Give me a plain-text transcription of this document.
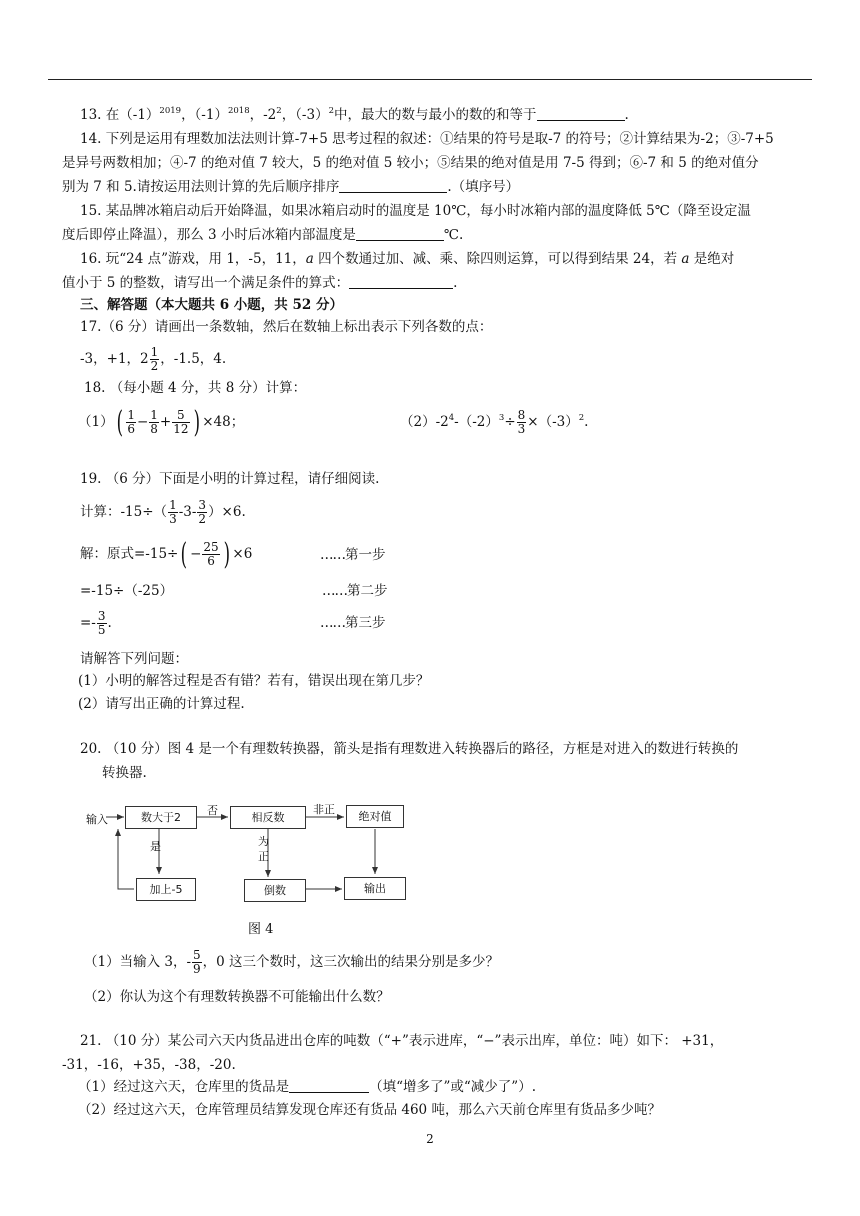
13. 在$(-1)^{2019}$，$(-1)^{2018}$，$-2^2$，$(-3)^2$中，最大的数与最小的数的和等于	.
14. 下列是运用有理数加法法则计算-7+5 思考过程的叙述：①结果的符号是取-7 的符号；②计算结果为-2；③-7+5
是异号两数相加；④-7 的绝对值 7 较大，5 的绝对值 5 较小；⑤结果的绝对值是用 7-5 得到；⑥-7 和 5 的绝对值分
别为 7 和 5.请按运用法则计算的先后顺序排序	.（填序号）
15. 某品牌冰箱启动后开始降温，如果冰箱启动时的温度是 10℃，每小时冰箱内部的温度降低 5℃（降至设定温
度后即停止降温），那么 3 小时后冰箱内部温度是	℃.
16. 玩“24 点”游戏，用 1，-5，11，a 四个数通过加、减、乘、除四则运算，可以得到结果 24，若 a 是绝对
值小于 5 的整数，请写出一个满足条件的算式：	.
三、解答题（本大题共 6 小题，共 52 分）
17.（6 分）请画出一条数轴，然后在数轴上标出表示下列各数的点：
-3，+1，$2 \frac{1}{2}$ ，-1.5，4.
18. （每小题 4 分，共 8 分）计算：
$(1)( \frac{1}{6} - \frac{1}{8} + \frac{5}{12}$ ) ×48；	$(2)-2^4-(-2)^3\div \frac{8}{3} \times(-3)^2$.
19. （6 分）下面是小明的计算过程，请仔细阅读.
计算：$-15\div( \frac{1}{3} -3- \frac{3}{2} )\times 6$.
解：原式$=-15\div( - \frac{25}{6}$ ) ×6	……第一步
=-15÷（-25）	……第二步
=- $\frac{3}{5}$ .	……第三步
请解答下列问题：
(1）小明的解答过程是否有错？若有，错误出现在第几步？
(2）请写出正确的计算过程.
20. （10 分）图 4 是一个有理数转换器，箭头是指有理数进入转换器后的路径，方框是对进入的数进行转换的
转换器.
输入	数大于2
否
相反数
非正
绝对值
是	为
正
加上-5	倒数	输出
图 4
（1）当输入 3，- $\frac{5}{9}$ ，0 这三个数时，这三次输出的结果分别是多少？
（2）你认为这个有理数转换器不可能输出什么数？
21. （10 分）某公司六天内货品进出仓库的吨数（“+”表示进库，“−”表示出库，单位：吨）如下： +31，
-31，-16，+35，-38，-20.
（1）经过这六天，仓库里的货品是	（填“增多了”或“减少了”）.
（2）经过这六天，仓库管理员结算发现仓库还有货品 460 吨，那么六天前仓库里有货品多少吨？
2
